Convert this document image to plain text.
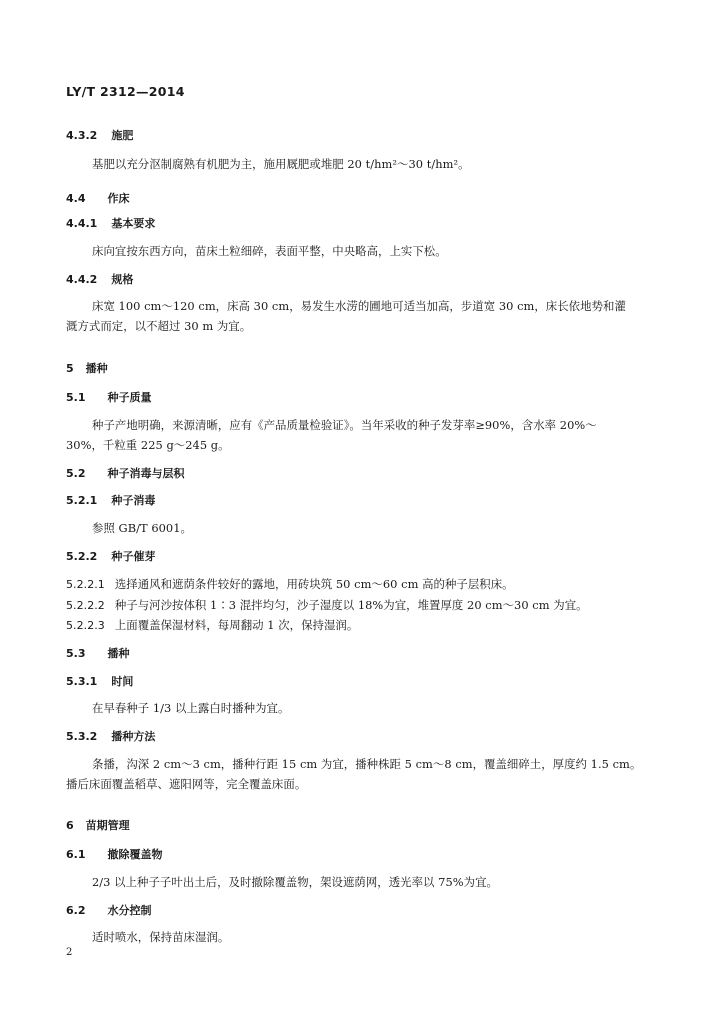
LY/T 2312—2014
4.3.2 施肥
基肥以充分沤制腐熟有机肥为主，施用厩肥或堆肥 20 t/hm²～30 t/hm²。
4.4 作床
4.4.1 基本要求
床向宜按东西方向，苗床土粒细碎，表面平整，中央略高，上实下松。
4.4.2 规格
床宽 100 cm～120 cm，床高 30 cm，易发生水涝的圃地可适当加高，步道宽 30 cm，床长依地势和灌
溉方式而定，以不超过 30 m 为宜。
5 播种
5.1 种子质量
种子产地明确，来源清晰，应有《产品质量检验证》。当年采收的种子发芽率≥90%，含水率 20%～
30%，千粒重 225 g～245 g。
5.2 种子消毒与层积
5.2.1 种子消毒
参照 GB/T 6001。
5.2.2 种子催芽
5.2.2.1 选择通风和遮荫条件较好的露地，用砖块筑 50 cm～60 cm 高的种子层积床。
5.2.2.2 种子与河沙按体积 1∶3 混拌均匀，沙子湿度以 18%为宜，堆置厚度 20 cm～30 cm 为宜。
5.2.2.3 上面覆盖保湿材料，每周翻动 1 次，保持湿润。
5.3 播种
5.3.1 时间
在早春种子 1/3 以上露白时播种为宜。
5.3.2 播种方法
条播，沟深 2 cm～3 cm，播种行距 15 cm 为宜，播种株距 5 cm～8 cm，覆盖细碎土，厚度约 1.5 cm。
播后床面覆盖稻草、遮阳网等，完全覆盖床面。
6 苗期管理
6.1 撤除覆盖物
2/3 以上种子子叶出土后，及时撤除覆盖物，架设遮荫网，透光率以 75%为宜。
6.2 水分控制
适时喷水，保持苗床湿润。
2
